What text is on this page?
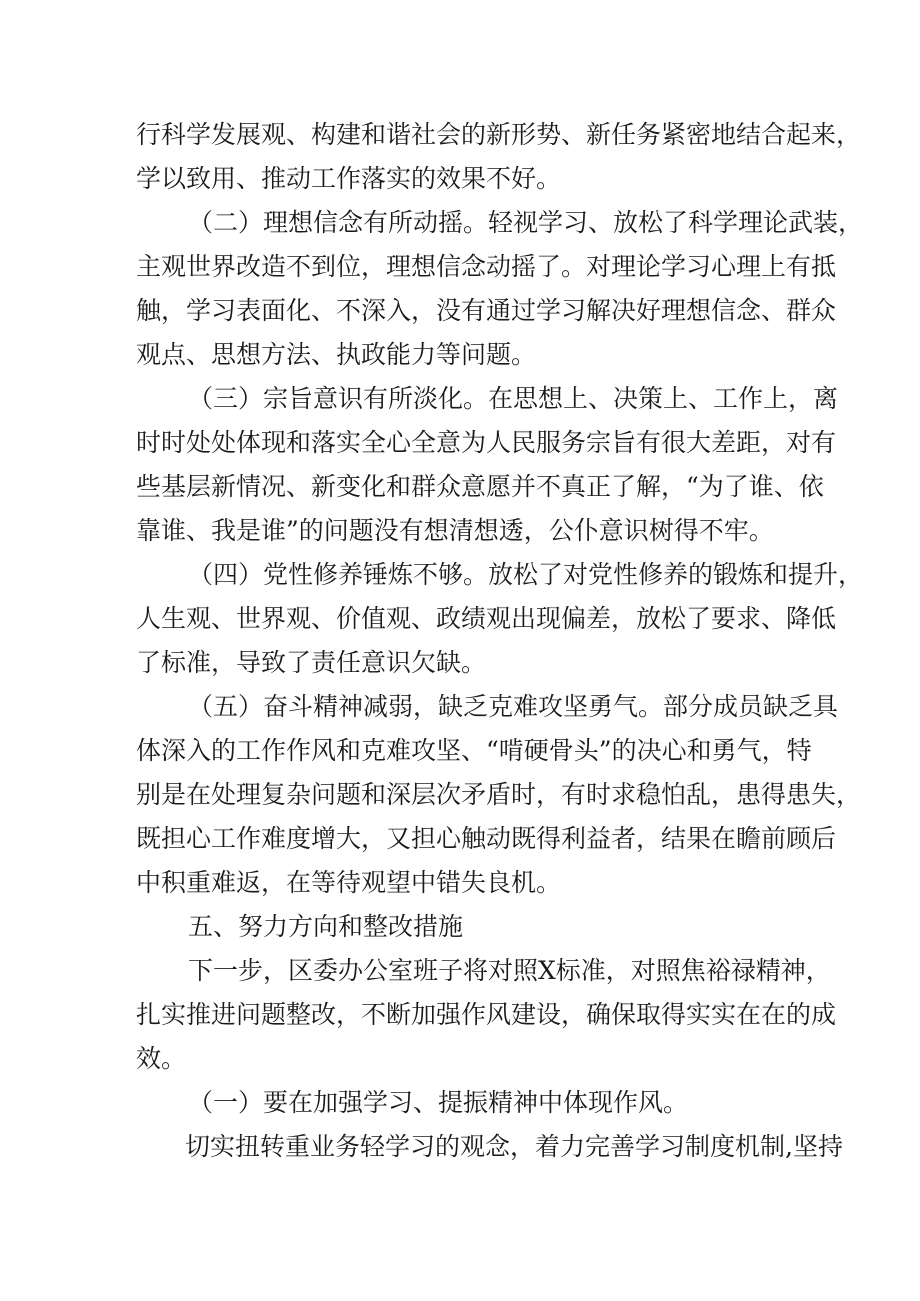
行科学发展观、构建和谐社会的新形势、新任务紧密地结合起来，
学以致用、推动工作落实的效果不好。
（二）理想信念有所动摇。轻视学习、放松了科学理论武装，
主观世界改造不到位，理想信念动摇了。对理论学习心理上有抵
触，学习表面化、不深入，没有通过学习解决好理想信念、群众
观点、思想方法、执政能力等问题。
（三）宗旨意识有所淡化。在思想上、决策上、工作上，离
时时处处体现和落实全心全意为人民服务宗旨有很大差距，对有
些基层新情况、新变化和群众意愿并不真正了解，“为了谁、依
靠谁、我是谁”的问题没有想清想透，公仆意识树得不牢。
（四）党性修养锤炼不够。放松了对党性修养的锻炼和提升，
人生观、世界观、价值观、政绩观出现偏差，放松了要求、降低
了标准，导致了责任意识欠缺。
（五）奋斗精神减弱，缺乏克难攻坚勇气。部分成员缺乏具
体深入的工作作风和克难攻坚、“啃硬骨头”的决心和勇气，特
别是在处理复杂问题和深层次矛盾时，有时求稳怕乱，患得患失，
既担心工作难度增大，又担心触动既得利益者，结果在瞻前顾后
中积重难返，在等待观望中错失良机。
五、努力方向和整改措施
下一步，区委办公室班子将对照X标准，对照焦裕禄精神，
扎实推进问题整改，不断加强作风建设，确保取得实实在在的成
效。
（一）要在加强学习、提振精神中体现作风。
切实扭转重业务轻学习的观念，着力完善学习制度机制,坚持
